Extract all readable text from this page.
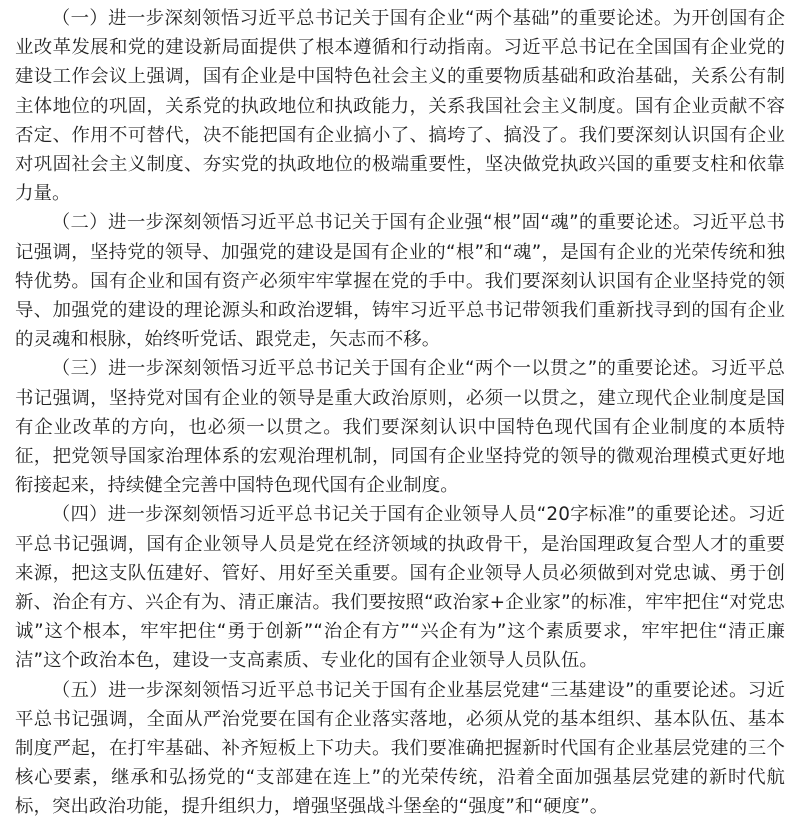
（一）进一步深刻领悟习近平总书记关于国有企业“两个基础”的重要论述。为开创国有企业改革发展和党的建设新局面提供了根本遵循和行动指南。习近平总书记在全国国有企业党的建设工作会议上强调，国有企业是中国特色社会主义的重要物质基础和政治基础，关系公有制主体地位的巩固，关系党的执政地位和执政能力，关系我国社会主义制度。国有企业贡献不容否定、作用不可替代，决不能把国有企业搞小了、搞垮了、搞没了。我们要深刻认识国有企业对巩固社会主义制度、夯实党的执政地位的极端重要性，坚决做党执政兴国的重要支柱和依靠力量。

（二）进一步深刻领悟习近平总书记关于国有企业强“根”固“魂”的重要论述。习近平总书记强调，坚持党的领导、加强党的建设是国有企业的“根”和“魂”，是国有企业的光荣传统和独特优势。国有企业和国有资产必须牢牢掌握在党的手中。我们要深刻认识国有企业坚持党的领导、加强党的建设的理论源头和政治逻辑，铸牢习近平总书记带领我们重新找寻到的国有企业的灵魂和根脉，始终听党话、跟党走，矢志而不移。

（三）进一步深刻领悟习近平总书记关于国有企业“两个一以贯之”的重要论述。习近平总书记强调，坚持党对国有企业的领导是重大政治原则，必须一以贯之，建立现代企业制度是国有企业改革的方向，也必须一以贯之。我们要深刻认识中国特色现代国有企业制度的本质特征，把党领导国家治理体系的宏观治理机制，同国有企业坚持党的领导的微观治理模式更好地衔接起来，持续健全完善中国特色现代国有企业制度。

（四）进一步深刻领悟习近平总书记关于国有企业领导人员“20字标准”的重要论述。习近平总书记强调，国有企业领导人员是党在经济领域的执政骨干，是治国理政复合型人才的重要来源，把这支队伍建好、管好、用好至关重要。国有企业领导人员必须做到对党忠诚、勇于创新、治企有方、兴企有为、清正廉洁。我们要按照“政治家+企业家”的标准，牢牢把住“对党忠诚”这个根本，牢牢把住“勇于创新”“治企有方”“兴企有为”这个素质要求，牢牢把住“清正廉洁”这个政治本色，建设一支高素质、专业化的国有企业领导人员队伍。

（五）进一步深刻领悟习近平总书记关于国有企业基层党建“三基建设”的重要论述。习近平总书记强调，全面从严治党要在国有企业落实落地，必须从党的基本组织、基本队伍、基本制度严起，在打牢基础、补齐短板上下功夫。我们要准确把握新时代国有企业基层党建的三个核心要素，继承和弘扬党的“支部建在连上”的光荣传统，沿着全面加强基层党建的新时代航标，突出政治功能，提升组织力，增强坚强战斗堡垒的“强度”和“硬度”。
